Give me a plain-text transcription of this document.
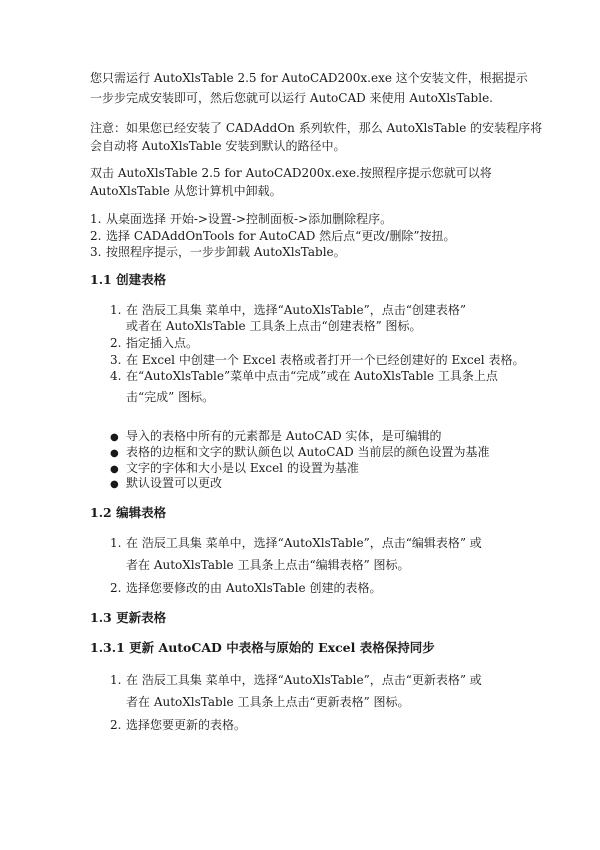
您只需运行 AutoXlsTable 2.5 for AutoCAD200x.exe 这个安装文件，根据提示
一步步完成安装即可，然后您就可以运行 AutoCAD 来使用 AutoXlsTable.
注意：如果您已经安装了 CADAddOn 系列软件，那么 AutoXlsTable 的安装程序将
会自动将 AutoXlsTable 安装到默认的路径中。
双击 AutoXlsTable 2.5 for AutoCAD200x.exe.按照程序提示您就可以将
AutoXlsTable 从您计算机中卸载。
1. 从桌面选择 开始->设置->控制面板->添加删除程序。
2. 选择 CADAddOnTools for AutoCAD 然后点“更改/删除”按扭。
3. 按照程序提示，一步步卸载 AutoXlsTable。
1.1 创建表格
1. 在 浩辰工具集 菜单中，选择“AutoXlsTable”，点击“创建表格”
或者在 AutoXlsTable 工具条上点击“创建表格” 图标。
2. 指定插入点。
3. 在 Excel 中创建一个 Excel 表格或者打开一个已经创建好的 Excel 表格。
4. 在“AutoXlsTable”菜单中点击“完成”或在 AutoXlsTable 工具条上点
击“完成” 图标。
● 导入的表格中所有的元素都是 AutoCAD 实体，是可编辑的
● 表格的边框和文字的默认颜色以 AutoCAD 当前层的颜色设置为基准
● 文字的字体和大小是以 Excel 的设置为基准
● 默认设置可以更改
1.2 编辑表格
1. 在 浩辰工具集 菜单中，选择“AutoXlsTable”，点击“编辑表格” 或
者在 AutoXlsTable 工具条上点击“编辑表格” 图标。
2. 选择您要修改的由 AutoXlsTable 创建的表格。
1.3 更新表格
1.3.1 更新 AutoCAD 中表格与原始的 Excel 表格保持同步
1. 在 浩辰工具集 菜单中，选择“AutoXlsTable”，点击“更新表格” 或
者在 AutoXlsTable 工具条上点击“更新表格” 图标。
2. 选择您要更新的表格。
